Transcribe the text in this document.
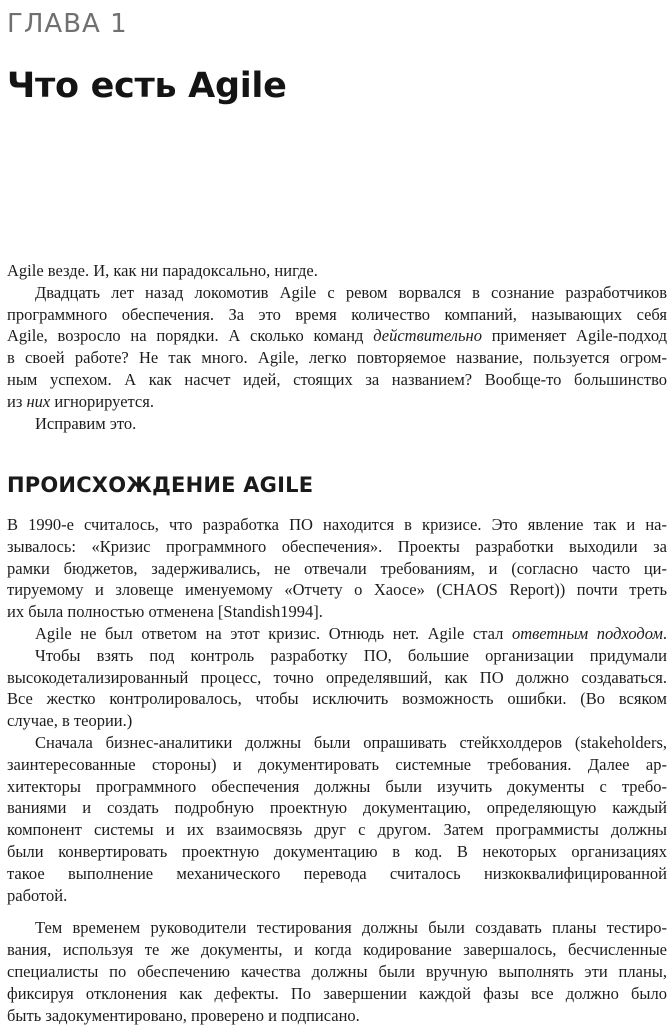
ГЛАВА 1
Что есть Agile
Agile везде. И, как ни парадоксально, нигде.
Двадцать лет назад локомотив Agile с ревом ворвался в сознание разработчиков
программного обеспечения. За это время количество компаний, называющих себя
Agile, возросло на порядки. А сколько команд действительно применяет Agile-подход
в своей работе? Не так много. Agile, легко повторяемое название, пользуется огром-
ным успехом. А как насчет идей, стоящих за названием? Вообще-то большинство
из них игнорируется.
Исправим это.
ПРОИСХОЖДЕНИЕ AGILE
В 1990-е считалось, что разработка ПО находится в кризисе. Это явление так и на-
зывалось: «Кризис программного обеспечения». Проекты разработки выходили за
рамки бюджетов, задерживались, не отвечали требованиям, и (согласно часто ци-
тируемому и зловеще именуемому «Отчету о Хаосе» (CHAOS Report)) почти треть
их была полностью отменена [Standish1994].
Agile не был ответом на этот кризис. Отнюдь нет. Agile стал ответным подходом.
Чтобы взять под контроль разработку ПО, большие организации придумали
высокодетализированный процесс, точно определявший, как ПО должно создаваться.
Все жестко контролировалось, чтобы исключить возможность ошибки. (Во всяком
случае, в теории.)
Сначала бизнес-аналитики должны были опрашивать стейкхолдеров (stakeholders,
заинтересованные стороны) и документировать системные требования. Далее ар-
хитекторы программного обеспечения должны были изучить документы с требо-
ваниями и создать подробную проектную документацию, определяющую каждый
компонент системы и их взаимосвязь друг с другом. Затем программисты должны
были конвертировать проектную документацию в код. В некоторых организациях
такое выполнение механического перевода считалось низкоквалифицированной
работой.
Тем временем руководители тестирования должны были создавать планы тестиро-
вания, используя те же документы, и когда кодирование завершалось, бесчисленные
специалисты по обеспечению качества должны были вручную выполнять эти планы,
фиксируя отклонения как дефекты. По завершении каждой фазы все должно было
быть задокументировано, проверено и подписано.
